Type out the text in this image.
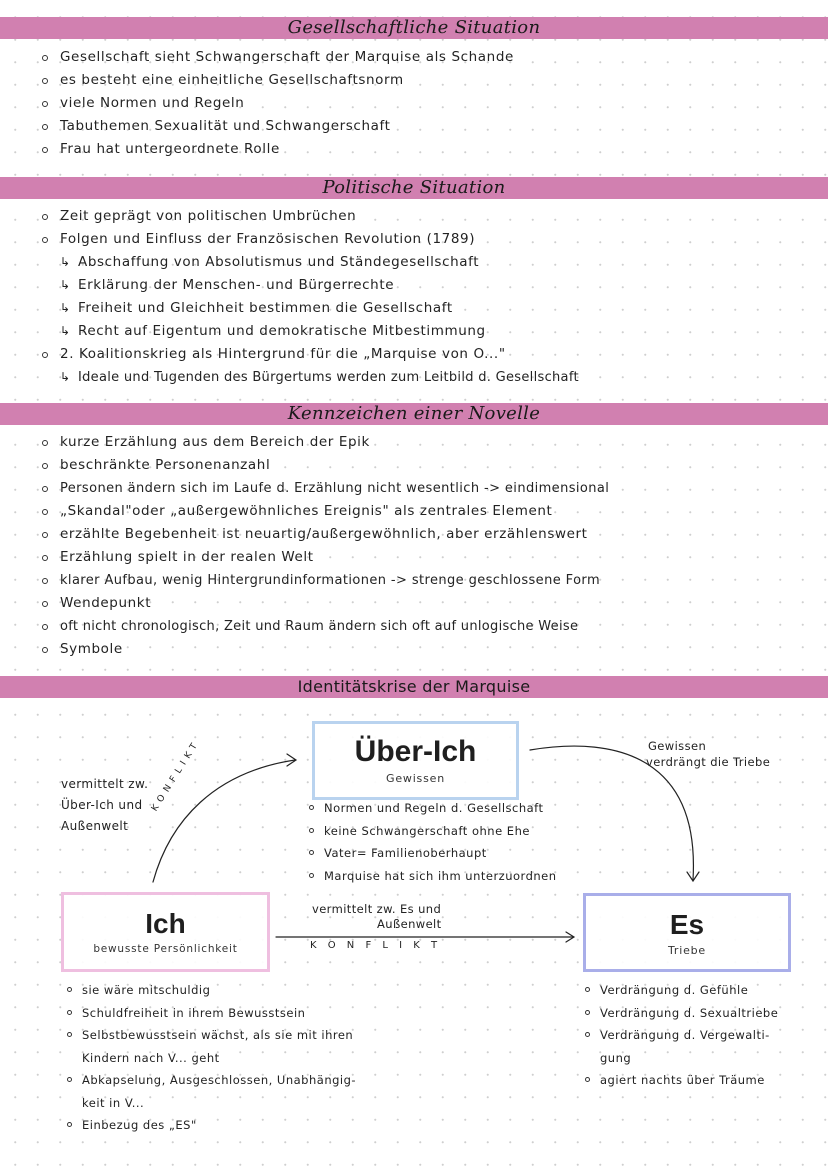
Gesellschaftliche Situation
Gesellschaft sieht Schwangerschaft der Marquise als Schande
es besteht eine einheitliche Gesellschaftsnorm
viele Normen und Regeln
Tabuthemen Sexualität und Schwangerschaft
Frau hat untergeordnete Rolle
Politische Situation
Zeit geprägt von politischen Umbrüchen
Folgen und Einfluss der Französischen Revolution (1789)
↳ Abschaffung von Absolutismus und Ständegesellschaft
↳ Erklärung der Menschen- und Bürgerrechte
↳ Freiheit und Gleichheit bestimmen die Gesellschaft
↳ Recht auf Eigentum und demokratische Mitbestimmung
2. Koalitionskrieg als Hintergrund für die „Marquise von O..."
↳ Ideale und Tugenden des Bürgertums werden zum Leitbild d. Gesellschaft
Kennzeichen einer Novelle
kurze Erzählung aus dem Bereich der Epik
beschränkte Personenanzahl
Personen ändern sich im Laufe d. Erzählung nicht wesentlich -> eindimensional
„Skandal"oder „außergewöhnliches Ereignis" als zentrales Element
erzählte Begebenheit ist neuartig/außergewöhnlich, aber erzählenswert
Erzählung spielt in der realen Welt
klarer Aufbau, wenig Hintergrundinformationen -> strenge geschlossene Form
Wendepunkt
oft nicht chronologisch, Zeit und Raum ändern sich oft auf unlogische Weise
Symbole
Identitätskrise der Marquise
Über-Ich
Gewissen
Ich
bewusste Persönlichkeit
Es
Triebe
vermittelt zw.
Über-Ich und
Außenwelt
KONFLIKT
vermittelt zw. Es und
Außenwelt
K O N F L I K T
Gewissen
verdrängt die Triebe
Normen und Regeln d. Gesellschaft
keine Schwangerschaft ohne Ehe
Vater= Familienoberhaupt
Marquise hat sich ihm unterzuordnen
sie wäre mitschuldig
Schuldfreiheit in ihrem Bewusstsein
Selbstbewusstsein wächst, als sie mit ihren
Kindern nach V... geht
Abkapselung, Ausgeschlossen, Unabhängig-
keit in V...
Einbezug des „ES"
Verdrängung d. Gefühle
Verdrängung d. Sexualtriebe
Verdrängung d. Vergewalti-
gung
agiert nachts über Träume
